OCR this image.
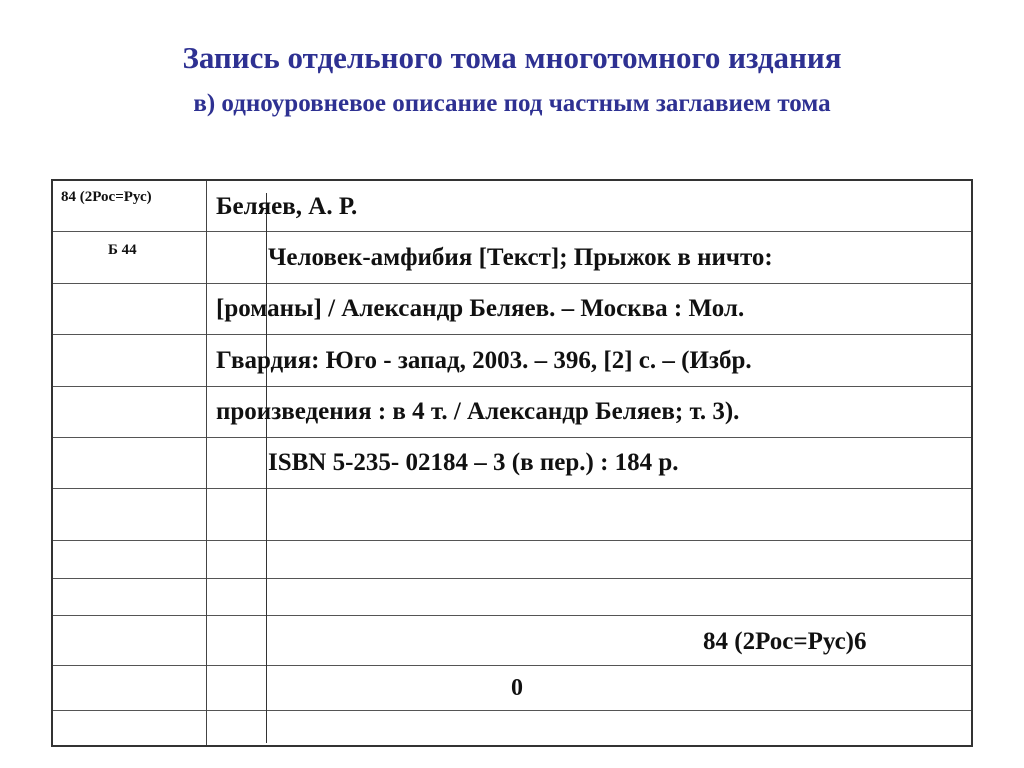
Запись отдельного тома многотомного издания
в) одноуровневое описание под частным заглавием тома
84 (2Рос=Рус)
Б 44
Беляев, А. Р.
Человек-амфибия [Текст]; Прыжок в ничто:
[романы] / Александр Беляев. – Москва : Мол.
Гвардия: Юго - запад, 2003. – 396, [2] с. – (Избр.
произведения : в 4 т. / Александр Беляев; т. 3).
ISBN 5-235- 02184 – 3 (в пер.) : 184 р.
84 (2Рос=Рус)6
0
